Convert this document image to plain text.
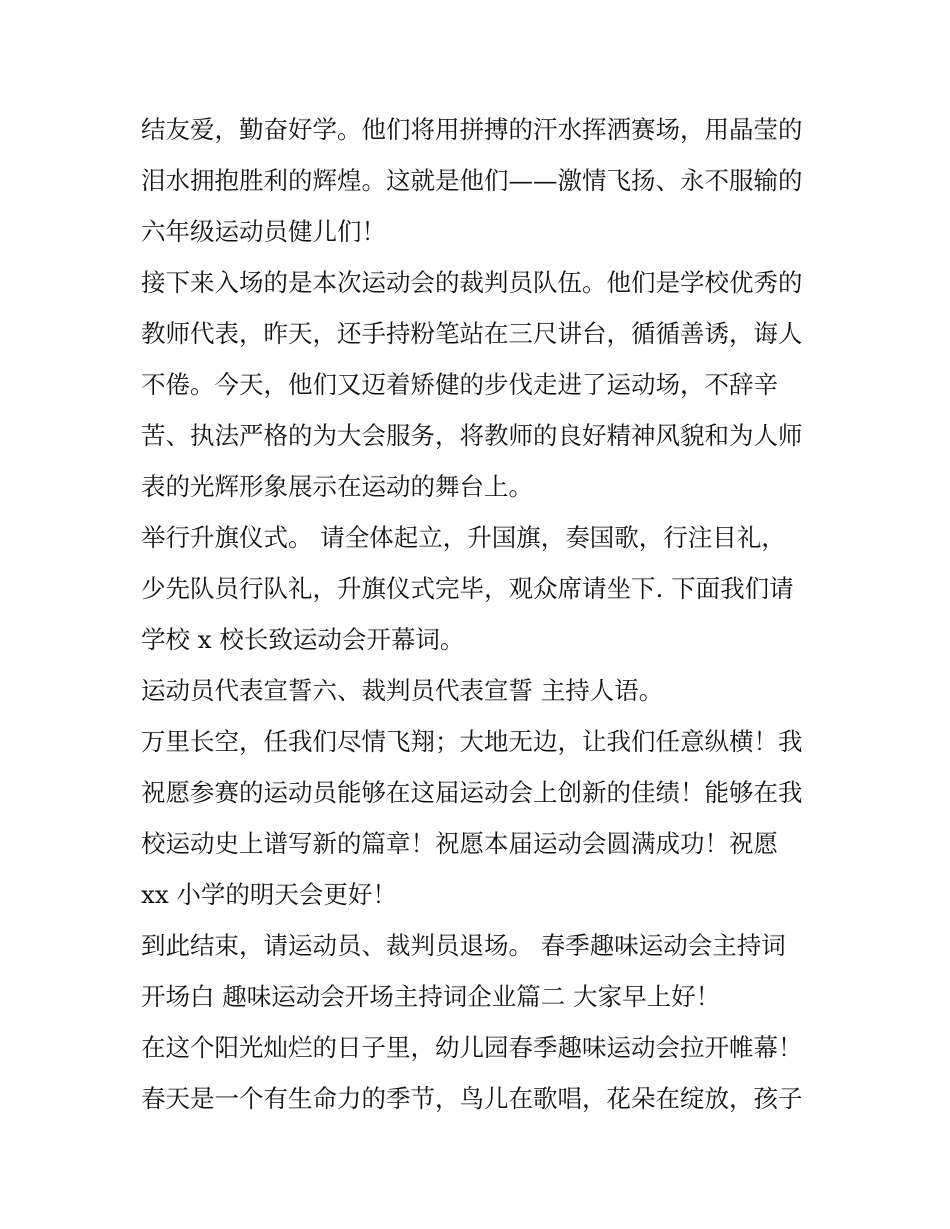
结友爱，勤奋好学。他们将用拼搏的汗水挥洒赛场，用晶莹的
泪水拥抱胜利的辉煌。这就是他们——激情飞扬、永不服输的
六年级运动员健儿们！
接下来入场的是本次运动会的裁判员队伍。他们是学校优秀的
教师代表，昨天，还手持粉笔站在三尺讲台，循循善诱，诲人
不倦。今天，他们又迈着矫健的步伐走进了运动场，不辞辛
苦、执法严格的为大会服务，将教师的良好精神风貌和为人师
表的光辉形象展示在运动的舞台上。
举行升旗仪式。 请全体起立，升国旗，奏国歌，行注目礼，
少先队员行队礼，升旗仪式完毕，观众席请坐下. 下面我们请
学校 x 校长致运动会开幕词。
运动员代表宣誓六、裁判员代表宣誓 主持人语。
万里长空，任我们尽情飞翔；大地无边，让我们任意纵横！我
祝愿参赛的运动员能够在这届运动会上创新的佳绩！能够在我
校运动史上谱写新的篇章！祝愿本届运动会圆满成功！祝愿
xx 小学的明天会更好！
到此结束，请运动员、裁判员退场。 春季趣味运动会主持词
开场白 趣味运动会开场主持词企业篇二 大家早上好！
在这个阳光灿烂的日子里，幼儿园春季趣味运动会拉开帷幕！
春天是一个有生命力的季节，鸟儿在歌唱，花朵在绽放，孩子
